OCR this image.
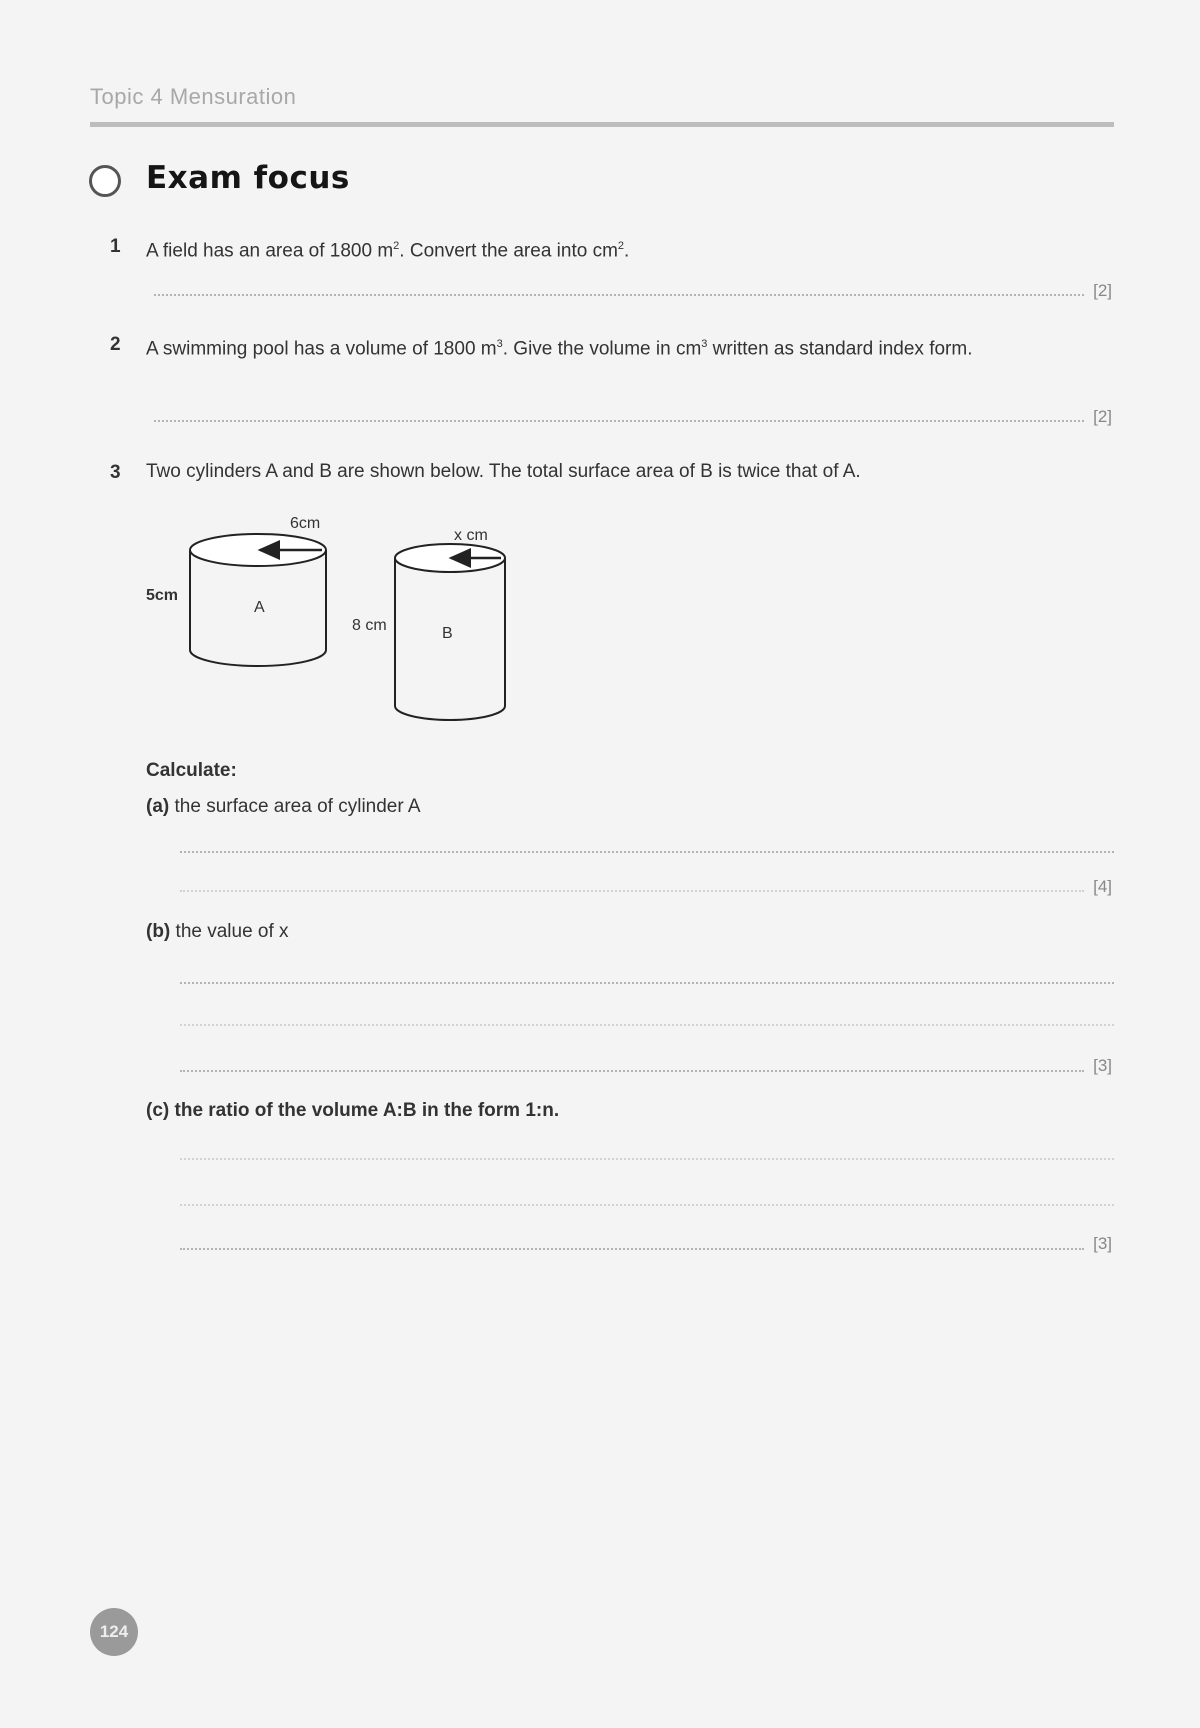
Topic 4 Mensuration
Exam focus
1 A field has an area of 1800 $m^2$. Convert the area into $cm^2$.
[2]
2 A swimming pool has a volume of 1800 $m^3$. Give the volume in $cm^3$ written as standard index form.
[2]
3 Two cylinders A and B are shown below. The total surface area of B is twice that of A.
6cm
5cm
A
x cm
8 cm	B
Calculate:
(a) the surface area of cylinder A
[4]
(b) the value of x
[3]
(c) the ratio of the volume A:B in the form 1:n.
[3]
124
